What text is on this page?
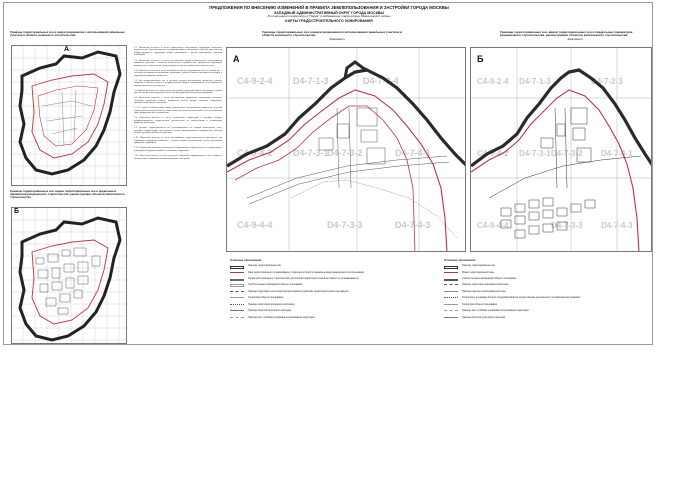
ПРЕДЛОЖЕНИЯ ПО ВНЕСЕНИЮ ИЗМЕНЕНИЙ В ПРАВИЛА ЗЕМЛЕПОЛЬЗОВАНИЯ И ЗАСТРОЙКИ ГОРОДА МОСКВЫ
ЗАПАДНЫЙ АДМИНИСТРАТИВНЫЙ ОКРУГ ГОРОДА МОСКВЫ
В отношении территории "Парка" отображение территории Мякининской поймы
КАРТЫ ГРАДОСТРОИТЕЛЬНОГО ЗОНИРОВАНИЯ
Границы территориальных зон и видов разрешенного использования земельных участков в области зонального строительства
А
Границы территориальных зон, видов территориальных зон и предельных параметров разрешенного строительства, реконструкции объектов капитального строительства
Б

1.1. Изменения вносятся в части графического отображения территории зонального строительства, участков зеленых насаждений общего пользования, объектов транспортной инфраструктуры и территорий общего пользования с учетом действующих проектов планировки.

1.2. Изменения вносятся в части установления видов разрешенного использования земельных участков и объектов капитального строительства, предельных параметров разрешенного строительства, реконструкции объектов капитального строительства.

1.3. Изменения вносятся в части отображения границ территориальных зон, границ зон с особыми условиями использования территории, границ объектов культурного наследия и территорий природного комплекса.

1.4. Для территориальных зон, в границах которых расположены земельные участки, сведения о которых внесены в государственный кадастр недвижимости, устанавливаются градостроительные регламенты.

1.5. Изменения вносятся в части уточнения границ территорий общего пользования, границ красных линий улично-дорожной сети и линий градостроительного регулирования.

1.6. Изменения вносятся в части установления предельных параметров: плотность застройки земельного участка, предельная высота зданий, строений, сооружений, максимальный процент застройки.

1.7. В случае несоответствия видов фактического использования земельных участков градостроительному регламенту такие земельные участки используются без установления срока приведения их в соответствие.

1.8. Изменения вносятся в части отображения территорий, в границах которых предусматривается осуществление деятельности по комплексному и устойчивому развитию территории.

1.9. Границы территориальных зон устанавливаются по линиям магистралей, улиц, проездов, разделяющих транспортные потоки противоположных направлений, красным линиям, границам земельных участков.

1.10. Изменения вносятся в части установления градостроительного регламента для территории природного комплекса с учетом режима использования особо охраняемых природных территорий.

1.11. Размещение объектов капитального строительства осуществляется в соответствии с утвержденной документацией по планировке территории.

1.12. Изменения вносятся в части уточнения нумерации территориальных зон и подзон в соответствии с правилами землепользования и застройки.

Границы территориальных зон и видов разрешенного использования земельных участков в области зонального строительства.
Фрагмент
C4-9-2-4 D4-7-1-3	D4-7-3-4
C4-9-4-2 D4-7-3-1
D4-7-3-2	D4-7-4-1
C4-9-4-4	D4-7-3-3	D4-7-4-3
А
Границы территориальных зон, видов территориальных зон и предельных параметров разрешенного строительства, реконструкции объектов капитального строительства.
Фрагмент
C4-9-2-4 D4-7-1-3	D4-7-2-3
C4-9-4-2 D4-7-3-1 D4-7-3-2 D4-7-4-1
C4-9-4-4	D4-7-3-3 D4-7-4-3
Б
Условные обозначения
Границы территориальных зон
Зона территориального планирования, в границах которой установлены виды разрешенного использования
Территория зонального строительства, для которой градостроительный регламент не устанавливается
Участки зеленых насаждений общего пользования
Граница территории, на которую распространяется действие градостроительного регламента
Территории общего пользования
Граница территории природного комплекса
Граница объектов культурного наследия
Граница зон с особыми условиями использования территории
Условные обозначения
Границы территориальных зон
Номер территориальной зоны
Участки зеленых насаждений общего пользования
Граница территории природного комплекса
Граница подзоны территориальной зоны
Территории, в границах которых предусматривается осуществление деятельности по комплексному развитию
Территории общего пользования
Граница зон с особыми условиями использования территории
Граница объектов культурного наследия
